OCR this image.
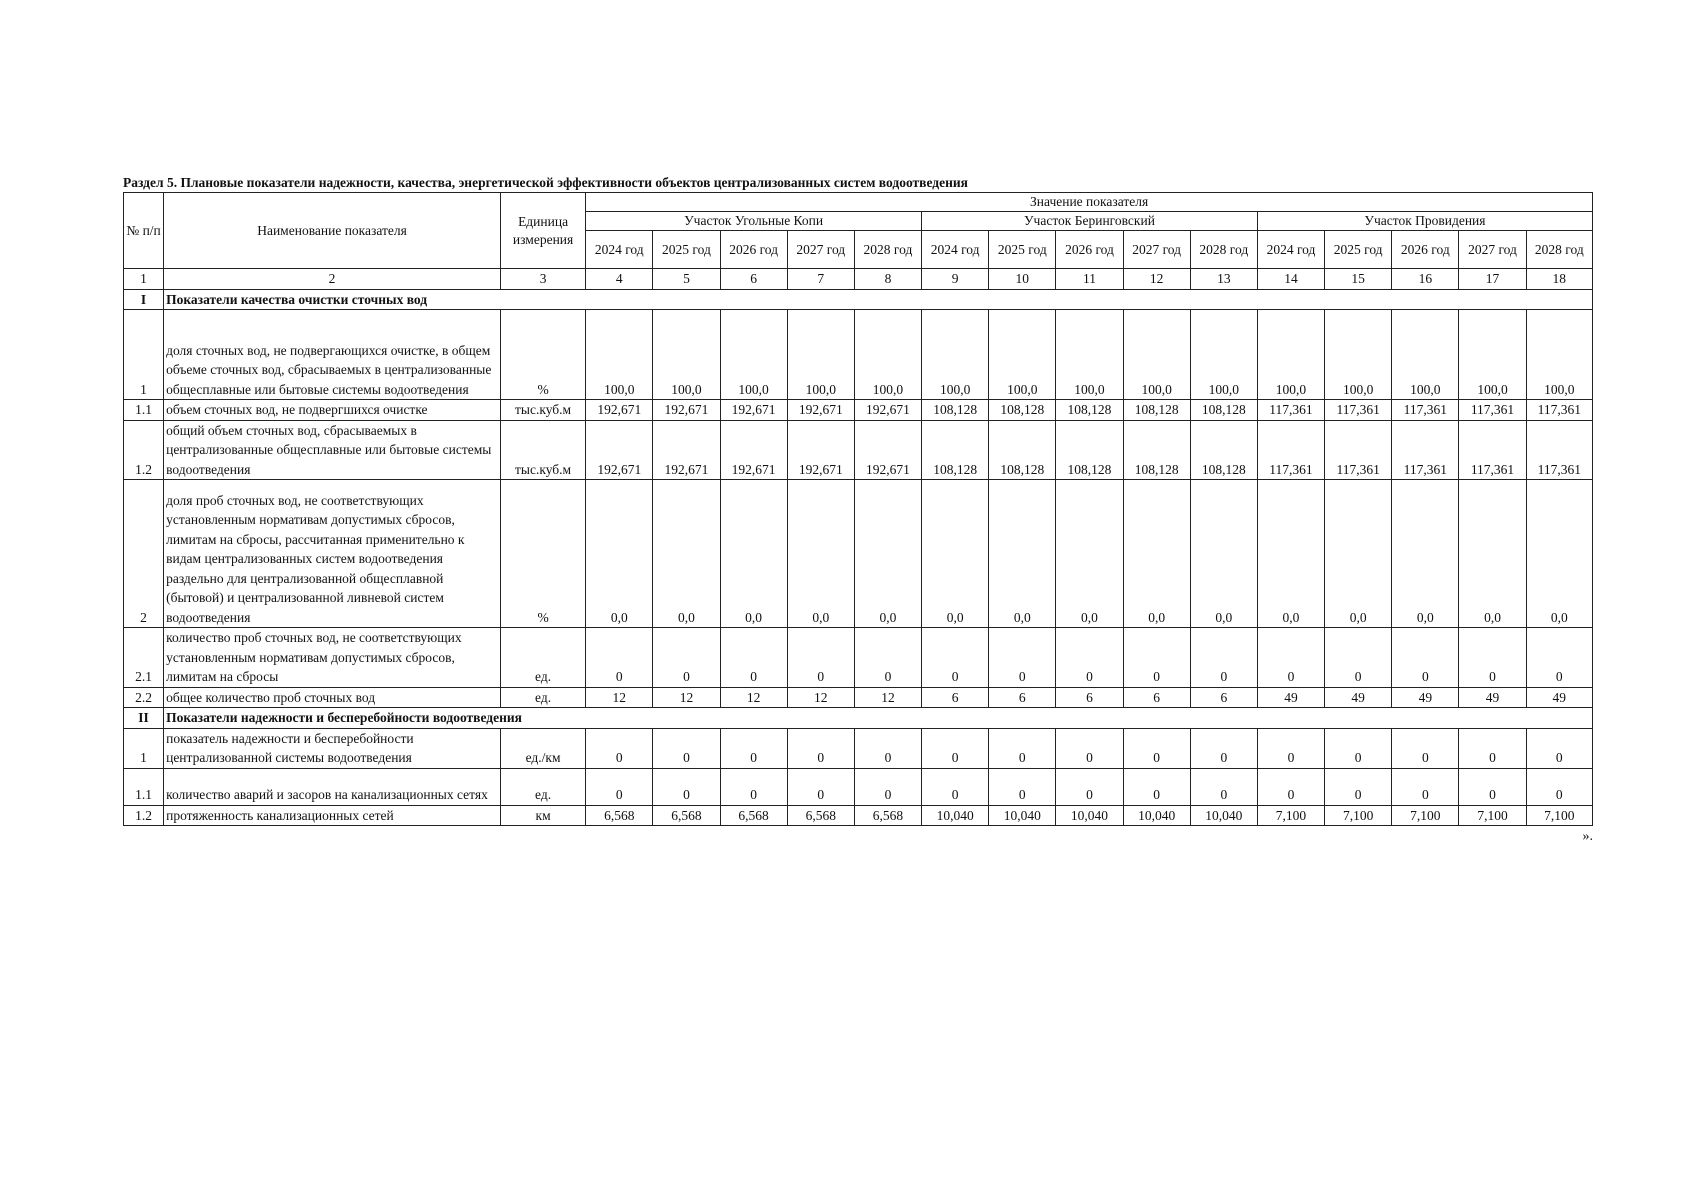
Раздел 5. Плановые показатели надежности, качества, энергетической эффективности объектов централизованных систем водоотведения
№ п/п	Наименование показателя	Единица измерения	Значение показателя														
			Участок Угольные Копи					Участок Беринговский					Участок Провидения				
			2024 год	2025 год	2026 год	2027 год	2028 год	2024 год	2025 год	2026 год	2027 год	2028 год	2024 год	2025 год	2026 год	2027 год	2028 год
1	2	3	4	5	6	7	8	9	10	11	12	13	14	15	16	17	18
I	Показатели качества очистки сточных вод																
1	доля сточных вод, не подвергающихся очистке, в общем объеме сточных вод, сбрасываемых в централизованные общесплавные или бытовые системы водоотведения	%	100,0	100,0	100,0	100,0	100,0	100,0	100,0	100,0	100,0	100,0	100,0	100,0	100,0	100,0	100,0
1.1	объем сточных вод, не подвергшихся очистке	тыс.куб.м	192,671	192,671	192,671	192,671	192,671	108,128	108,128	108,128	108,128	108,128	117,361	117,361	117,361	117,361	117,361
1.2	общий объем сточных вод, сбрасываемых в централизованные общесплавные или бытовые системы водоотведения	тыс.куб.м	192,671	192,671	192,671	192,671	192,671	108,128	108,128	108,128	108,128	108,128	117,361	117,361	117,361	117,361	117,361
2	доля проб сточных вод, не соответствующих установленным нормативам допустимых сбросов, лимитам на сбросы, рассчитанная применительно к видам централизованных систем водоотведения раздельно для централизованной общесплавной (бытовой) и централизованной ливневой систем водоотведения	%	0,0	0,0	0,0	0,0	0,0	0,0	0,0	0,0	0,0	0,0	0,0	0,0	0,0	0,0	0,0
2.1	количество проб сточных вод, не соответствующих установленным нормативам допустимых сбросов, лимитам на сбросы	ед.	0	0	0	0	0	0	0	0	0	0	0	0	0	0	0
2.2	общее количество проб сточных вод	ед.	12	12	12	12	12	6	6	6	6	6	49	49	49	49	49
II	Показатели надежности и бесперебойности водоотведения																
1	показатель надежности и бесперебойности централизованной системы водоотведения	ед./км	0	0	0	0	0	0	0	0	0	0	0	0	0	0	0
1.1	количество аварий и засоров на канализационных сетях	ед.	0	0	0	0	0	0	0	0	0	0	0	0	0	0	0
1.2	протяженность канализационных сетей	км	6,568	6,568	6,568	6,568	6,568	10,040	10,040	10,040	10,040	10,040	7,100	7,100	7,100	7,100	7,100
».
